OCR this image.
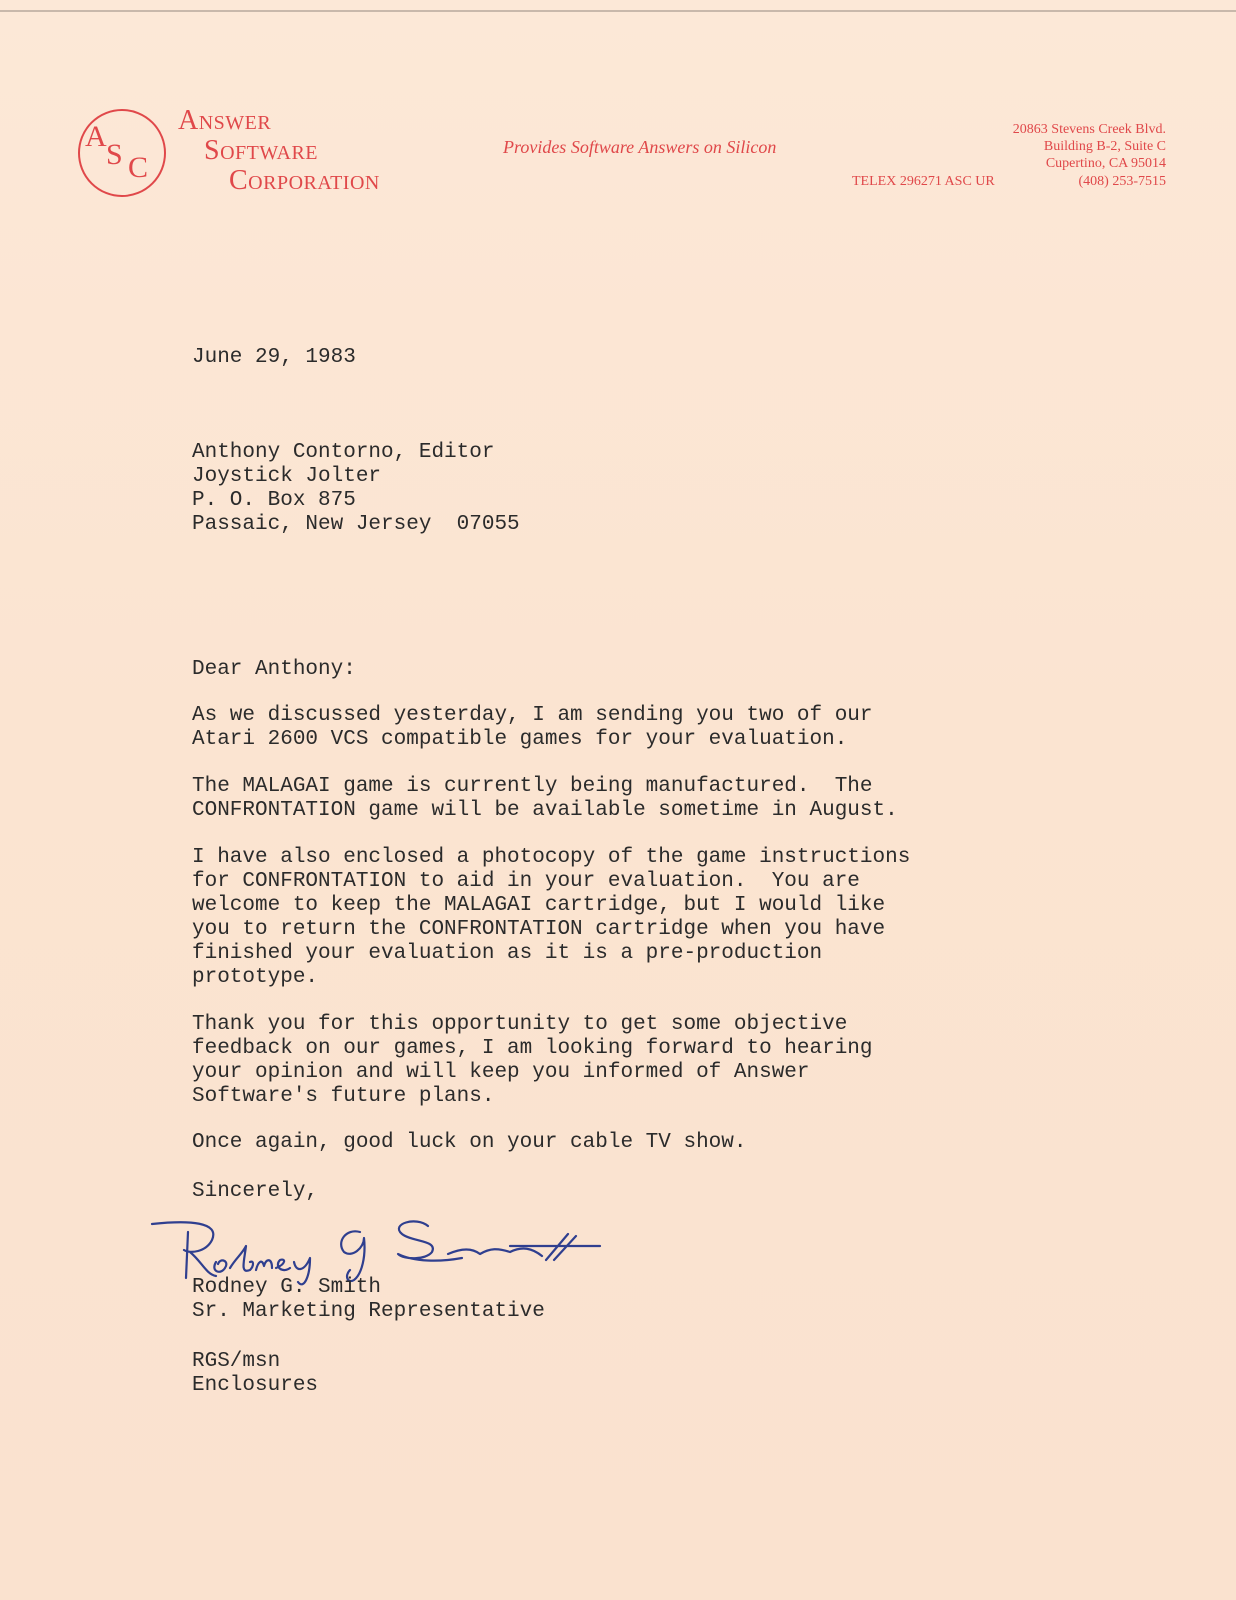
A
S C
Answer
Software
Corporation
Provides Software Answers on Silicon
20863 Stevens Creek Blvd.
Building B-2, Suite C
Cupertino, CA 95014
TELEX 296271 ASC UR	(408) 253-7515
June 29, 1983
Anthony Contorno, Editor
Joystick Jolter
P. O. Box 875
Passaic, New Jersey  07055
Dear Anthony:
As we discussed yesterday, I am sending you two of our
Atari 2600 VCS compatible games for your evaluation.
The MALAGAI game is currently being manufactured.  The
CONFRONTATION game will be available sometime in August.
I have also enclosed a photocopy of the game instructions
for CONFRONTATION to aid in your evaluation.  You are
welcome to keep the MALAGAI cartridge, but I would like
you to return the CONFRONTATION cartridge when you have
finished your evaluation as it is a pre-production
prototype.
Thank you for this opportunity to get some objective
feedback on our games, I am looking forward to hearing
your opinion and will keep you informed of Answer
Software's future plans.
Once again, good luck on your cable TV show.
Sincerely,
Rodney G. Smith
Sr. Marketing Representative
RGS/msn
Enclosures
